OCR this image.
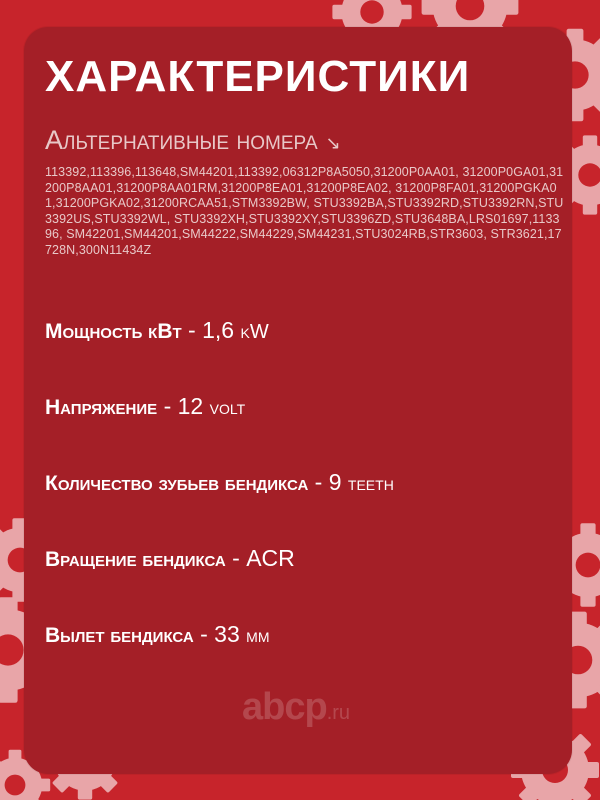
ХАРАКТЕРИСТИКИ
Альтернативные номера ↘
113392,113396,113648,SM44201,113392,06312P8A5050,31200P0AA01, 31200P0GA01,31200P8AA01,31200P8AA01RM,31200P8EA01,31200P8EA02, 31200P8FA01,31200PGKA01,31200PGKA02,31200RCAA51,STM3392BW, STU3392BA,STU3392RD,STU3392RN,STU3392US,STU3392WL, STU3392XH,STU3392XY,STU3396ZD,STU3648BA,LRS01697,113396, SM42201,SM44201,SM44222,SM44229,SM44231,STU3024RB,STR3603, STR3621,17728N,300N11434Z
Мощность кВт - 1,6 kW
Напряжение - 12 volt
Количество зубьев бендикса - 9 teeth
Вращение бендикса - ACR
Вылет бендикса - 33 мм
abcp.ru
